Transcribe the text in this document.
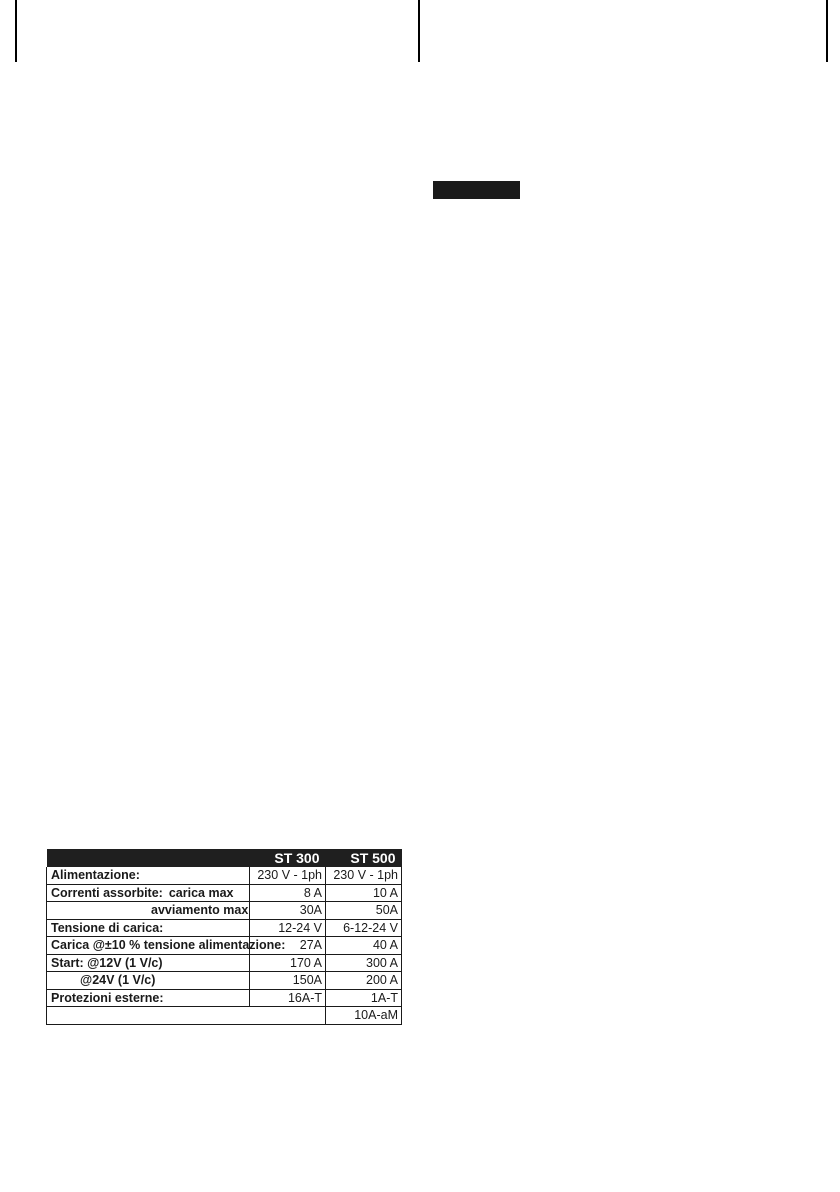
	ST 300	ST 500
Alimentazione:	230 V - 1ph	230 V - 1ph
Correnti assorbite: carica max	8 A	10 A
avviamento max	30A	50A
Tensione di carica:	12-24 V	6-12-24 V
Carica @±10 % tensione alimentazione:	27A	40 A
Start: @12V (1 V/c)	170 A	300 A
@24V (1 V/c)	150A	200 A
Protezioni esterne:	16A-T	1A-T
		10A-aM
